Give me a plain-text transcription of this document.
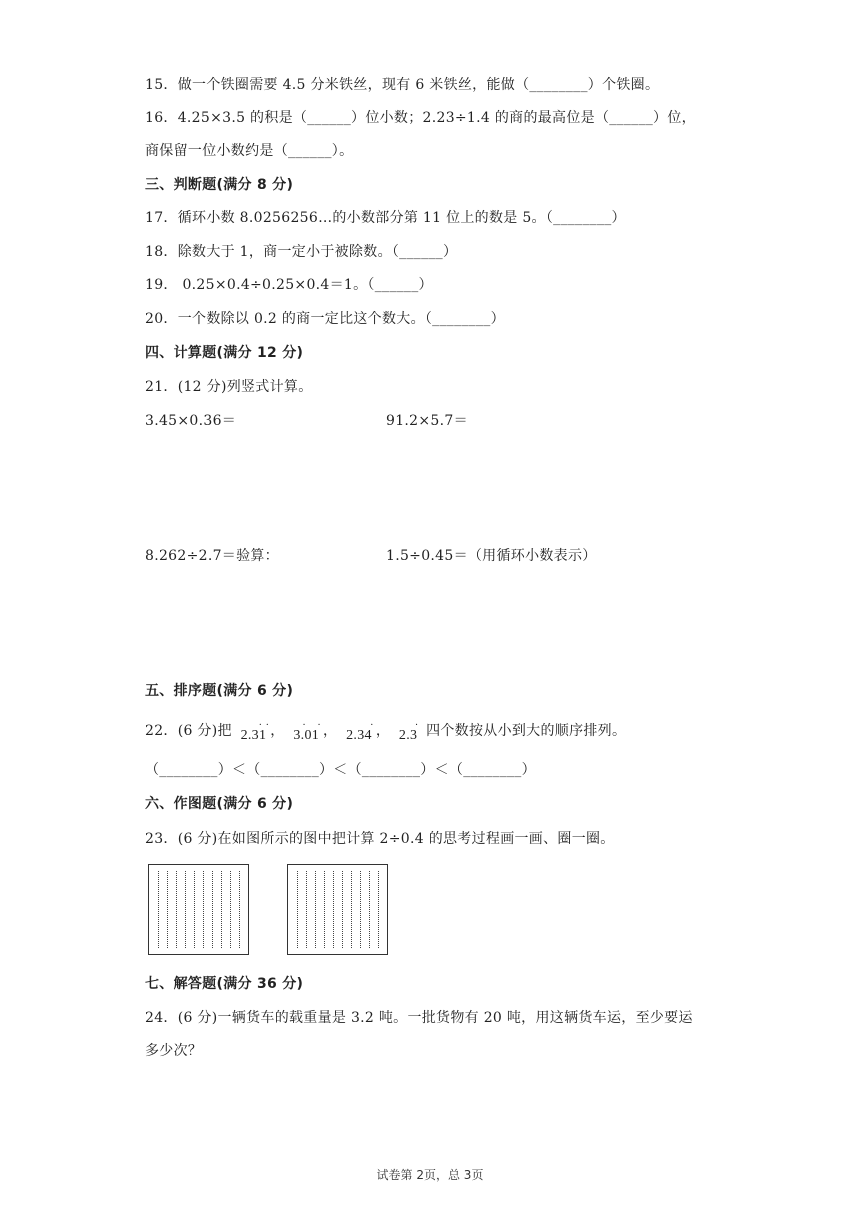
15．做一个铁圈需要 4.5 分米铁丝，现有 6 米铁丝，能做（________）个铁圈。
16．4.25×3.5 的积是（______）位小数；2.23÷1.4 的商的最高位是（______）位，
商保留一位小数约是（______）。
三、判断题(满分 8 分)
17．循环小数 8.0256256…的小数部分第 11 位上的数是 5。（________）
18．除数大于 1，商一定小于被除数。（______）
19． 0.25×0.4÷0.25×0.4＝1。（______）
20．一个数除以 0.2 的商一定比这个数大。（________）
四、计算题(满分 12 分)
21．(12 分)列竖式计算。
3.45×0.36＝	91.2×5.7＝
8.262÷2.7＝验算：	1.5÷0.45＝（用循环小数表示）
五、排序题(满分 6 分)
22．(6 分)把	· ·
2.31 ， · ·
3.01 ，	·
2.34 ， ·
2.3 四个数按从小到大的顺序排列。
（________）＜（________）＜（________）＜（________）
六、作图题(满分 6 分)
23．(6 分)在如图所示的图中把计算 2÷0.4 的思考过程画一画、圈一圈。
七、解答题(满分 36 分)
24．(6 分)一辆货车的载重量是 3.2 吨。一批货物有 20 吨，用这辆货车运，至少要运
多少次？
试卷第 2页，总 3页
